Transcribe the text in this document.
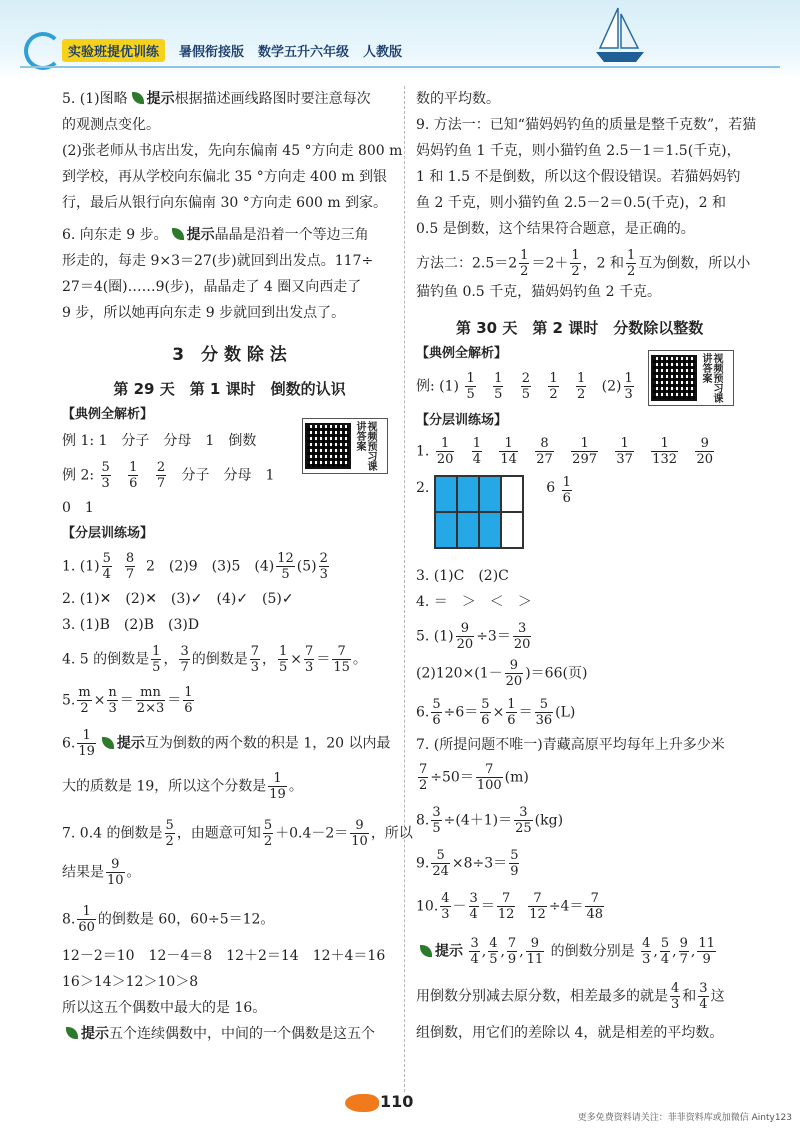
实验班提优训练	暑假衔接版 数学五升六年级 人教版
5. (1)图略 提示根据描述画线路图时要注意每次
的观测点变化。
(2)张老师从书店出发，先向东偏南 45 °方向走 800 m
到学校，再从学校向东偏北 35 °方向走 400 m 到银
行，最后从银行向东偏南 30 °方向走 600 m 到家。
6. 向东走 9 步。 提示晶晶是沿着一个等边三角
形走的，每走 9×3＝27(步)就回到出发点。117÷
27＝4(圈)……9(步)，晶晶走了 4 圈又向西走了
9 步，所以她再向东走 9 步就回到出发点了。
3　分 数 除 法
第 29 天　第 1 课时　倒数的认识
【典例全解析】
例 1: 1　分子　分母　1　倒数
例 2: $\frac{5}{3}$
$\frac{1}{6}$
$\frac{2}{7}$ 分子　分母　1
0　1
【分层训练场】
1. $(1) \frac{5}{4}$
$\frac{8}{7} 2$　(2)9　(3)5　$(4) \frac{12}{5} (5) \frac{2}{3}$
2. (1)✕　(2)✕　(3)✓　(4)✓　(5)✓
3. (1)B　(2)B　(3)D
4. 5 的倒数是 $\frac{1}{5}$ ， $\frac{3}{7}$ 的倒数是 $\frac{7}{3}$ ， $\frac{1}{5} \times \frac{7}{3} = \frac{7}{15}$ 。
5. $\frac{m}{2} \times \frac{n}{3} = \frac{mn}{2\times 3} = \frac{1}{6}$
6. $\frac{1}{19}$ 提示互为倒数的两个数的积是 1，20 以内最
大的质数是 19，所以这个分数是 $\frac{1}{19}$ 。
7. 0.4 的倒数是 $\frac{5}{2}$ ，由题意可知 $\frac{5}{2} +0.4-2= \frac{9}{10}$ ，所以
结果是 $\frac{9}{10}$ 。
8. $\frac{1}{60}$ 的倒数是 60，60÷5＝12。
12－2＝10　12－4＝8　12＋2＝14　12＋4＝16
16＞14＞12＞10＞8
所以这五个偶数中最大的是 16。
提示五个连续偶数中，中间的一个偶数是这五个
视频预习课讲答案
数的平均数。
9. 方法一：已知“猫妈妈钓鱼的质量是整千克数”，若猫
妈妈钓鱼 1 千克，则小猫钓鱼 2.5－1＝1.5(千克)，
1 和 1.5 不是倒数，所以这个假设错误。若猫妈妈钓
鱼 2 千克，则小猫钓鱼 2.5－2＝0.5(千克)，2 和
0.5 是倒数，这个结果符合题意，是正确的。
方法二：$2.5=2 \frac{1}{2} =2+ \frac{1}{2}$ ，2 和 $\frac{1}{2}$ 互为倒数，所以小
猫钓鱼 0.5 千克，猫妈妈钓鱼 2 千克。
第 30 天　第 2 课时　分数除以整数
【典例全解析】
例: $(1) \frac{1}{5}$
$\frac{1}{5}$
$\frac{2}{5}$
$\frac{1}{2}$
$\frac{1}{2} (2) \frac{1}{3}$
【分层训练场】
1. $\frac{1}{20}$
$\frac{1}{4}$
$\frac{1}{14}$
$\frac{8}{27}$
$\frac{1}{297}$
$\frac{1}{37}$
$\frac{1}{132}$
$\frac{9}{20}$
2.	$6 \frac{1}{6}$
3. (1)C　(2)C
4. ＝　＞　＜　＞
5. $(1) \frac{9}{20} \div 3= \frac{3}{20}$
$(2)120\times(1- \frac{9}{20} )=66$(页)
6. $\frac{5}{6} \div 6= \frac{5}{6} \times \frac{1}{6} = \frac{5}{36} (L)$
7. (所提问题不唯一)青藏高原平均每年上升多少米
$\frac{7}{2} \div 50= \frac{7}{100} (m)$
8. $\frac{3}{5} \div(4+1)= \frac{3}{25} (kg)$
9. $\frac{5}{24} \times 8\div 3= \frac{5}{9}$
10. $\frac{4}{3} - \frac{3}{4} = \frac{7}{12}$
$\frac{7}{12} \div 4= \frac{7}{48}$
提示 $\frac{3}{4}$ , $\frac{4}{5}$ , $\frac{7}{9}$ , $\frac{9}{11}$ 的倒数分别是 $\frac{4}{3}$ , $\frac{5}{4}$ , $\frac{9}{7}$ , $\frac{11}{9}$
用倒数分别减去原分数，相差最多的就是 $\frac{4}{3}$ 和 $\frac{3}{4}$ 这
组倒数，用它们的差除以 4，就是相差的平均数。
视频预习课讲答案
110
更多免费资料请关注：菲菲资料库或加微信 Ainty123
